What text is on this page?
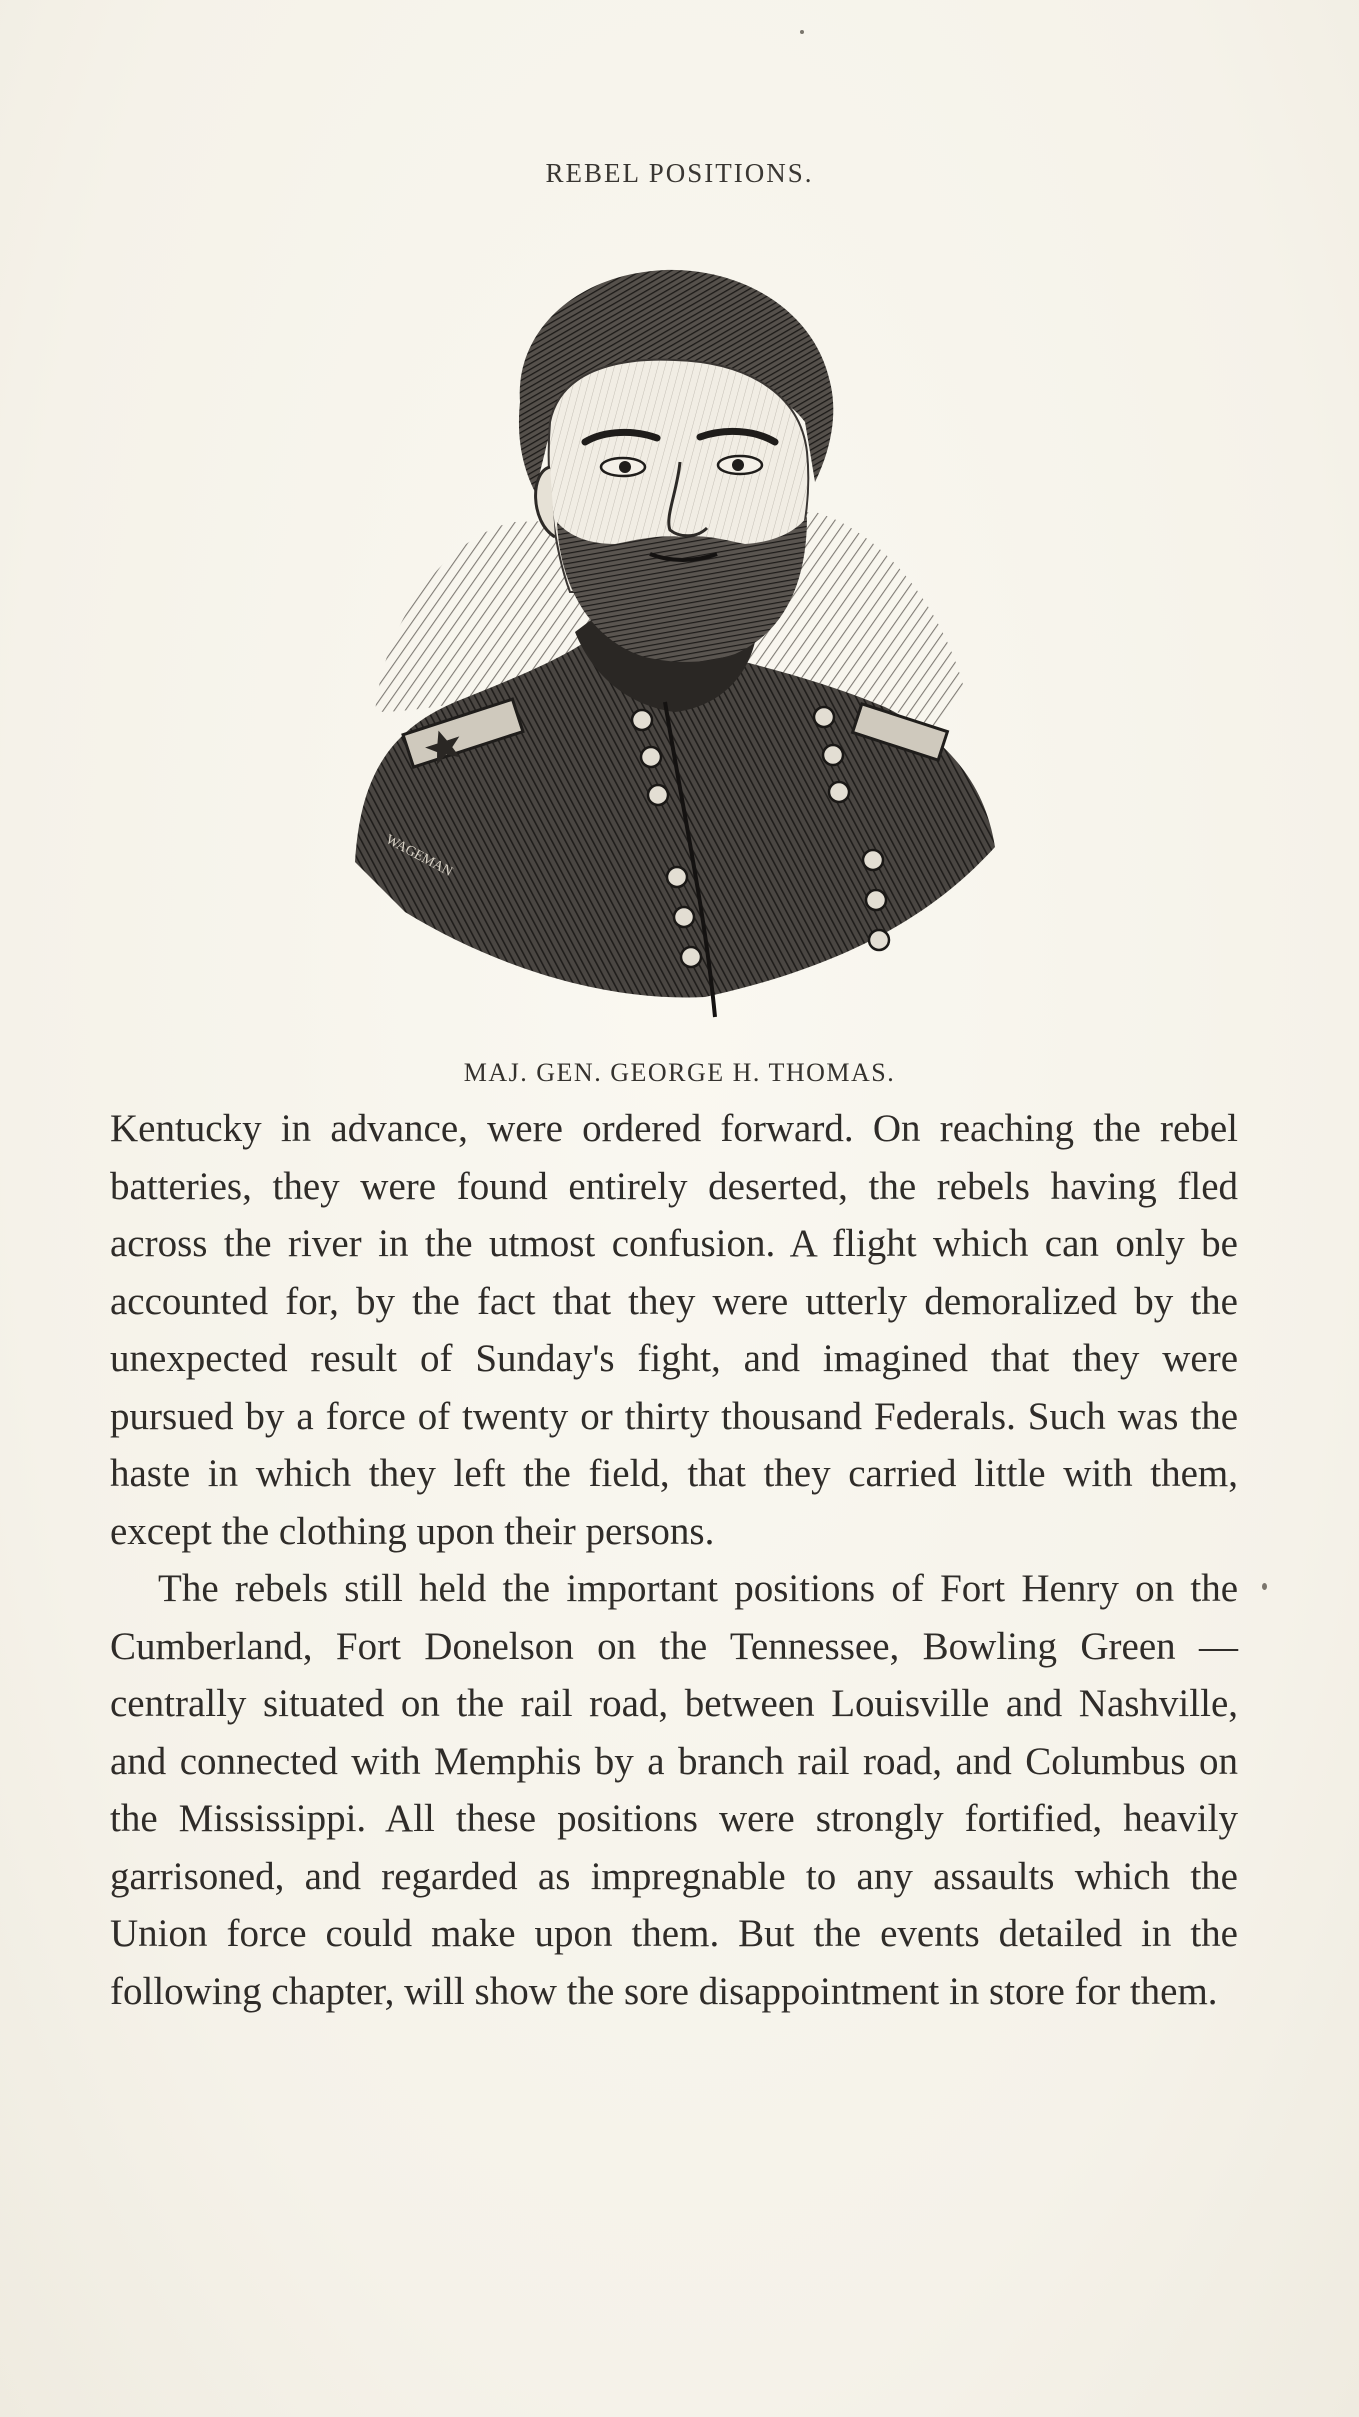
REBEL POSITIONS.
WAGEMAN
MAJ. GEN. GEORGE H. THOMAS.

Kentucky in advance, were ordered forward. On reaching the rebel batteries, they were found entirely deserted, the rebels having fled across the river in the utmost confusion. A flight which can only be accounted for, by the fact that they were utterly demoralized by the unexpected result of Sunday's fight, and imagined that they were pursued by a force of twenty or thirty thousand Federals. Such was the haste in which they left the field, that they carried little with them, except the clothing upon their persons.

The rebels still held the important positions of Fort Henry on the Cumberland, Fort Donelson on the Tennessee, Bowling Green — centrally situated on the rail road, between Louisville and Nashville, and connected with Memphis by a branch rail road, and Columbus on the Mississippi. All these positions were strongly fortified, heavily garrisoned, and regarded as impregnable to any assaults which the Union force could make upon them. But the events detailed in the following chapter, will show the sore disappointment in store for them.
